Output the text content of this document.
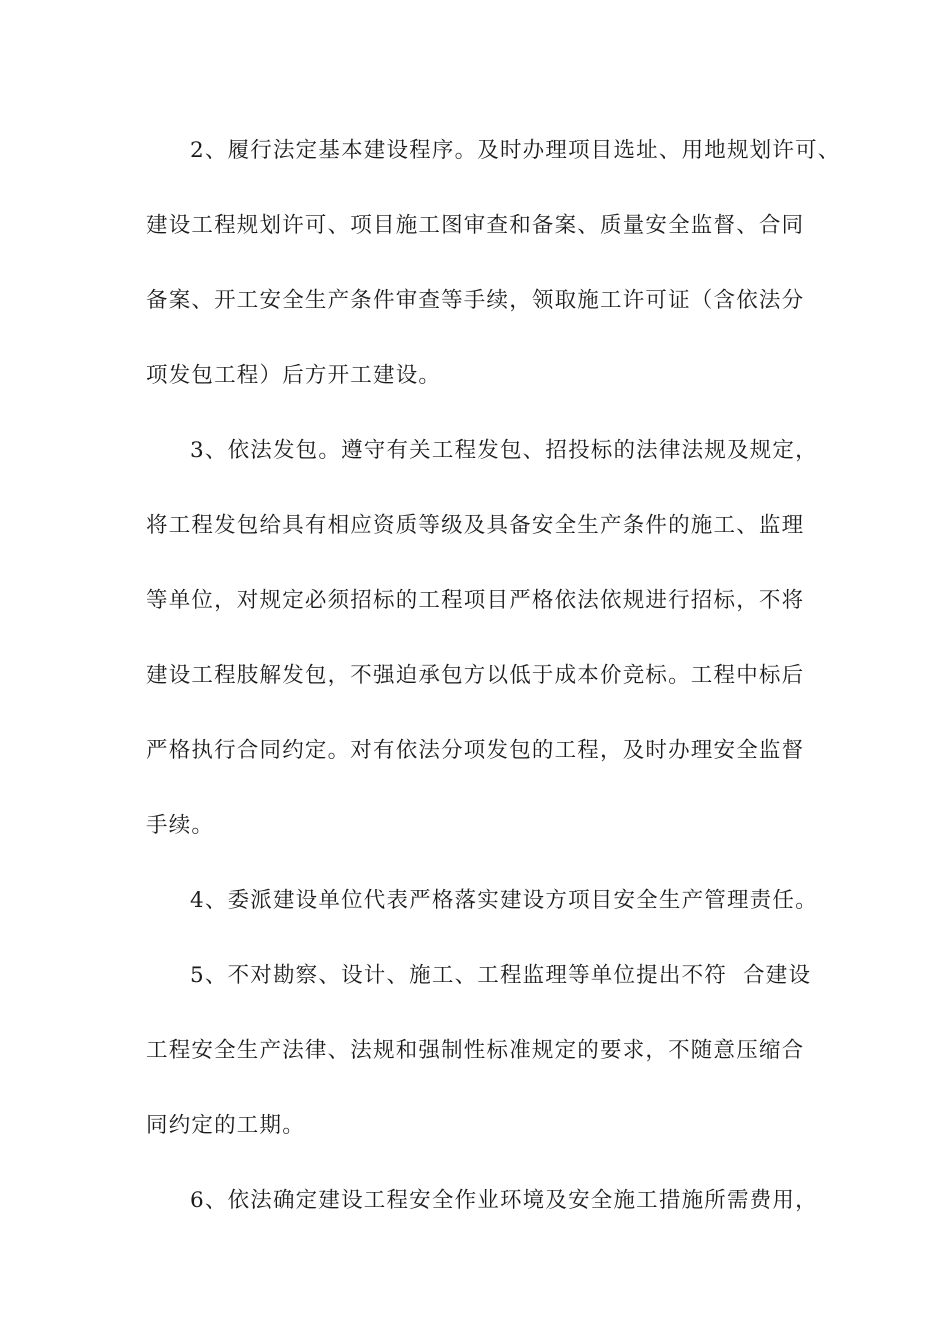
2、履行法定基本建设程序。及时办理项目选址、用地规划许可、
建设工程规划许可、项目施工图审查和备案、质量安全监督、合同
备案、开工安全生产条件审查等手续，领取施工许可证（含依法分
项发包工程）后方开工建设。
3、依法发包。遵守有关工程发包、招投标的法律法规及规定，
将工程发包给具有相应资质等级及具备安全生产条件的施工、监理
等单位，对规定必须招标的工程项目严格依法依规进行招标，不将
建设工程肢解发包，不强迫承包方以低于成本价竞标。工程中标后
严格执行合同约定。对有依法分项发包的工程，及时办理安全监督
手续。
4、委派建设单位代表严格落实建设方项目安全生产管理责任。
5、不对勘察、设计、施工、工程监理等单位提出不符  合建设
工程安全生产法律、法规和强制性标准规定的要求，不随意压缩合
同约定的工期。
6、依法确定建设工程安全作业环境及安全施工措施所需费用，
